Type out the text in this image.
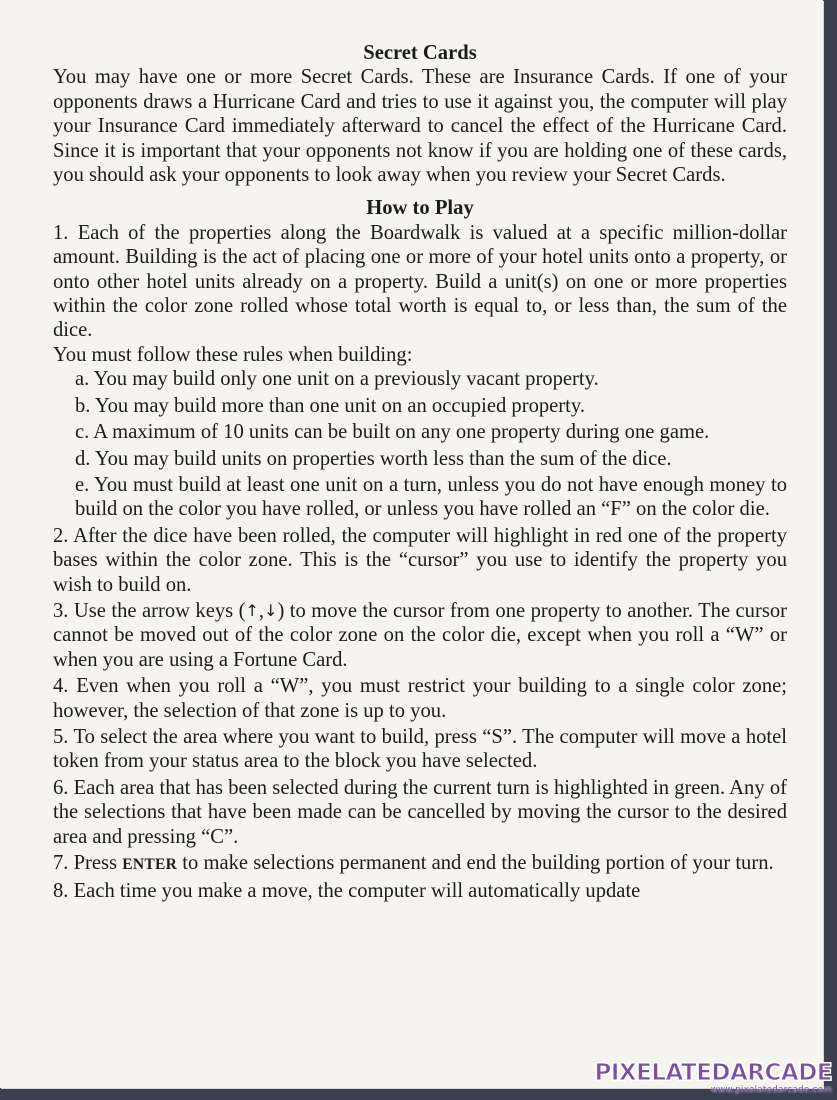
Secret Cards

You may have one or more Secret Cards. These are Insurance Cards. If one of your opponents draws a Hurricane Card and tries to use it against you, the computer will play your Insurance Card immediately afterward to cancel the effect of the Hurricane Card. Since it is important that your opponents not know if you are holding one of these cards, you should ask your opponents to look away when you review your Secret Cards.

How to Play

1. Each of the properties along the Boardwalk is valued at a specific million-dollar amount. Building is the act of placing one or more of your hotel units onto a property, or onto other hotel units already on a property. Build a unit(s) on one or more properties within the color zone rolled whose total worth is equal to, or less than, the sum of the dice.

You must follow these rules when building:

a. You may build only one unit on a previously vacant property.

b. You may build more than one unit on an occupied property.

c. A maximum of 10 units can be built on any one property during one game.

d. You may build units on properties worth less than the sum of the dice.

e. You must build at least one unit on a turn, unless you do not have enough money to build on the color you have rolled, or unless you have rolled an “F” on the color die.

2. After the dice have been rolled, the computer will highlight in red one of the property bases within the color zone. This is the “cursor” you use to identify the property you wish to build on.

3. Use the arrow keys (↑,↓) to move the cursor from one property to another. The cursor cannot be moved out of the color zone on the color die, except when you roll a “W” or when you are using a Fortune Card.

4. Even when you roll a “W”, you must restrict your building to a single color zone; however, the selection of that zone is up to you.

5. To select the area where you want to build, press “S”. The computer will move a hotel token from your status area to the block you have selected.

6. Each area that has been selected during the current turn is highlighted in green. Any of the selections that have been made can be cancelled by moving the cursor to the desired area and pressing “C”.

7. Press ENTER to make selections permanent and end the building portion of your turn.

8. Each time you make a move, the computer will automatically update

PIXELATEDARCADE
www.pixelatedarcade.com
